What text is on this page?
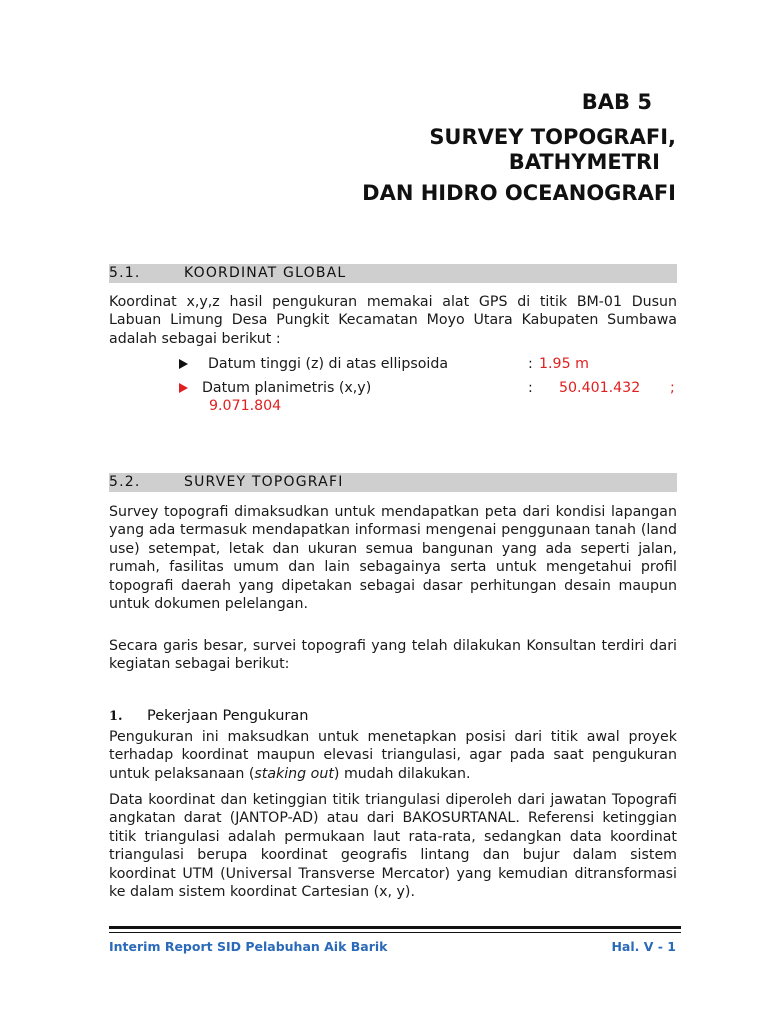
BAB 5
SURVEY TOPOGRAFI,
BATHYMETRI
DAN HIDRO OCEANOGRAFI
5.1.	KOORDINAT GLOBAL
Koordinat x,y,z hasil pengukuran memakai alat GPS di titik BM-01 Dusun Labuan Limung Desa Pungkit Kecamatan Moyo Utara Kabupaten Sumbawa adalah sebagai berikut :
Datum tinggi (z) di atas ellipsoida	: 1.95 m
Datum planimetris (x,y)	: 50.401.432 ;
9.071.804
5.2.	SURVEY TOPOGRAFI
Survey topografi dimaksudkan untuk mendapatkan peta dari kondisi lapangan yang ada termasuk mendapatkan informasi mengenai penggunaan tanah (land use) setempat, letak dan ukuran semua bangunan yang ada seperti jalan, rumah, fasilitas umum dan lain sebagainya serta untuk mengetahui profil topografi daerah yang dipetakan sebagai dasar perhitungan desain maupun untuk dokumen pelelangan.
Secara garis besar, survei topografi yang telah dilakukan Konsultan terdiri dari kegiatan sebagai berikut:
1. Pekerjaan Pengukuran
Pengukuran ini maksudkan untuk menetapkan posisi dari titik awal proyek terhadap koordinat maupun elevasi triangulasi, agar pada saat pengukuran untuk pelaksanaan (staking out) mudah dilakukan.
Data koordinat dan ketinggian titik triangulasi diperoleh dari jawatan Topografi angkatan darat (JANTOP-AD) atau dari BAKOSURTANAL. Referensi ketinggian titik triangulasi adalah permukaan laut rata-rata, sedangkan data koordinat triangulasi berupa koordinat geografis lintang dan bujur dalam sistem koordinat UTM (Universal Transverse Mercator) yang kemudian ditransformasi ke dalam sistem koordinat Cartesian (x, y).
Interim Report SID Pelabuhan Aik Barik	Hal. V - 1
